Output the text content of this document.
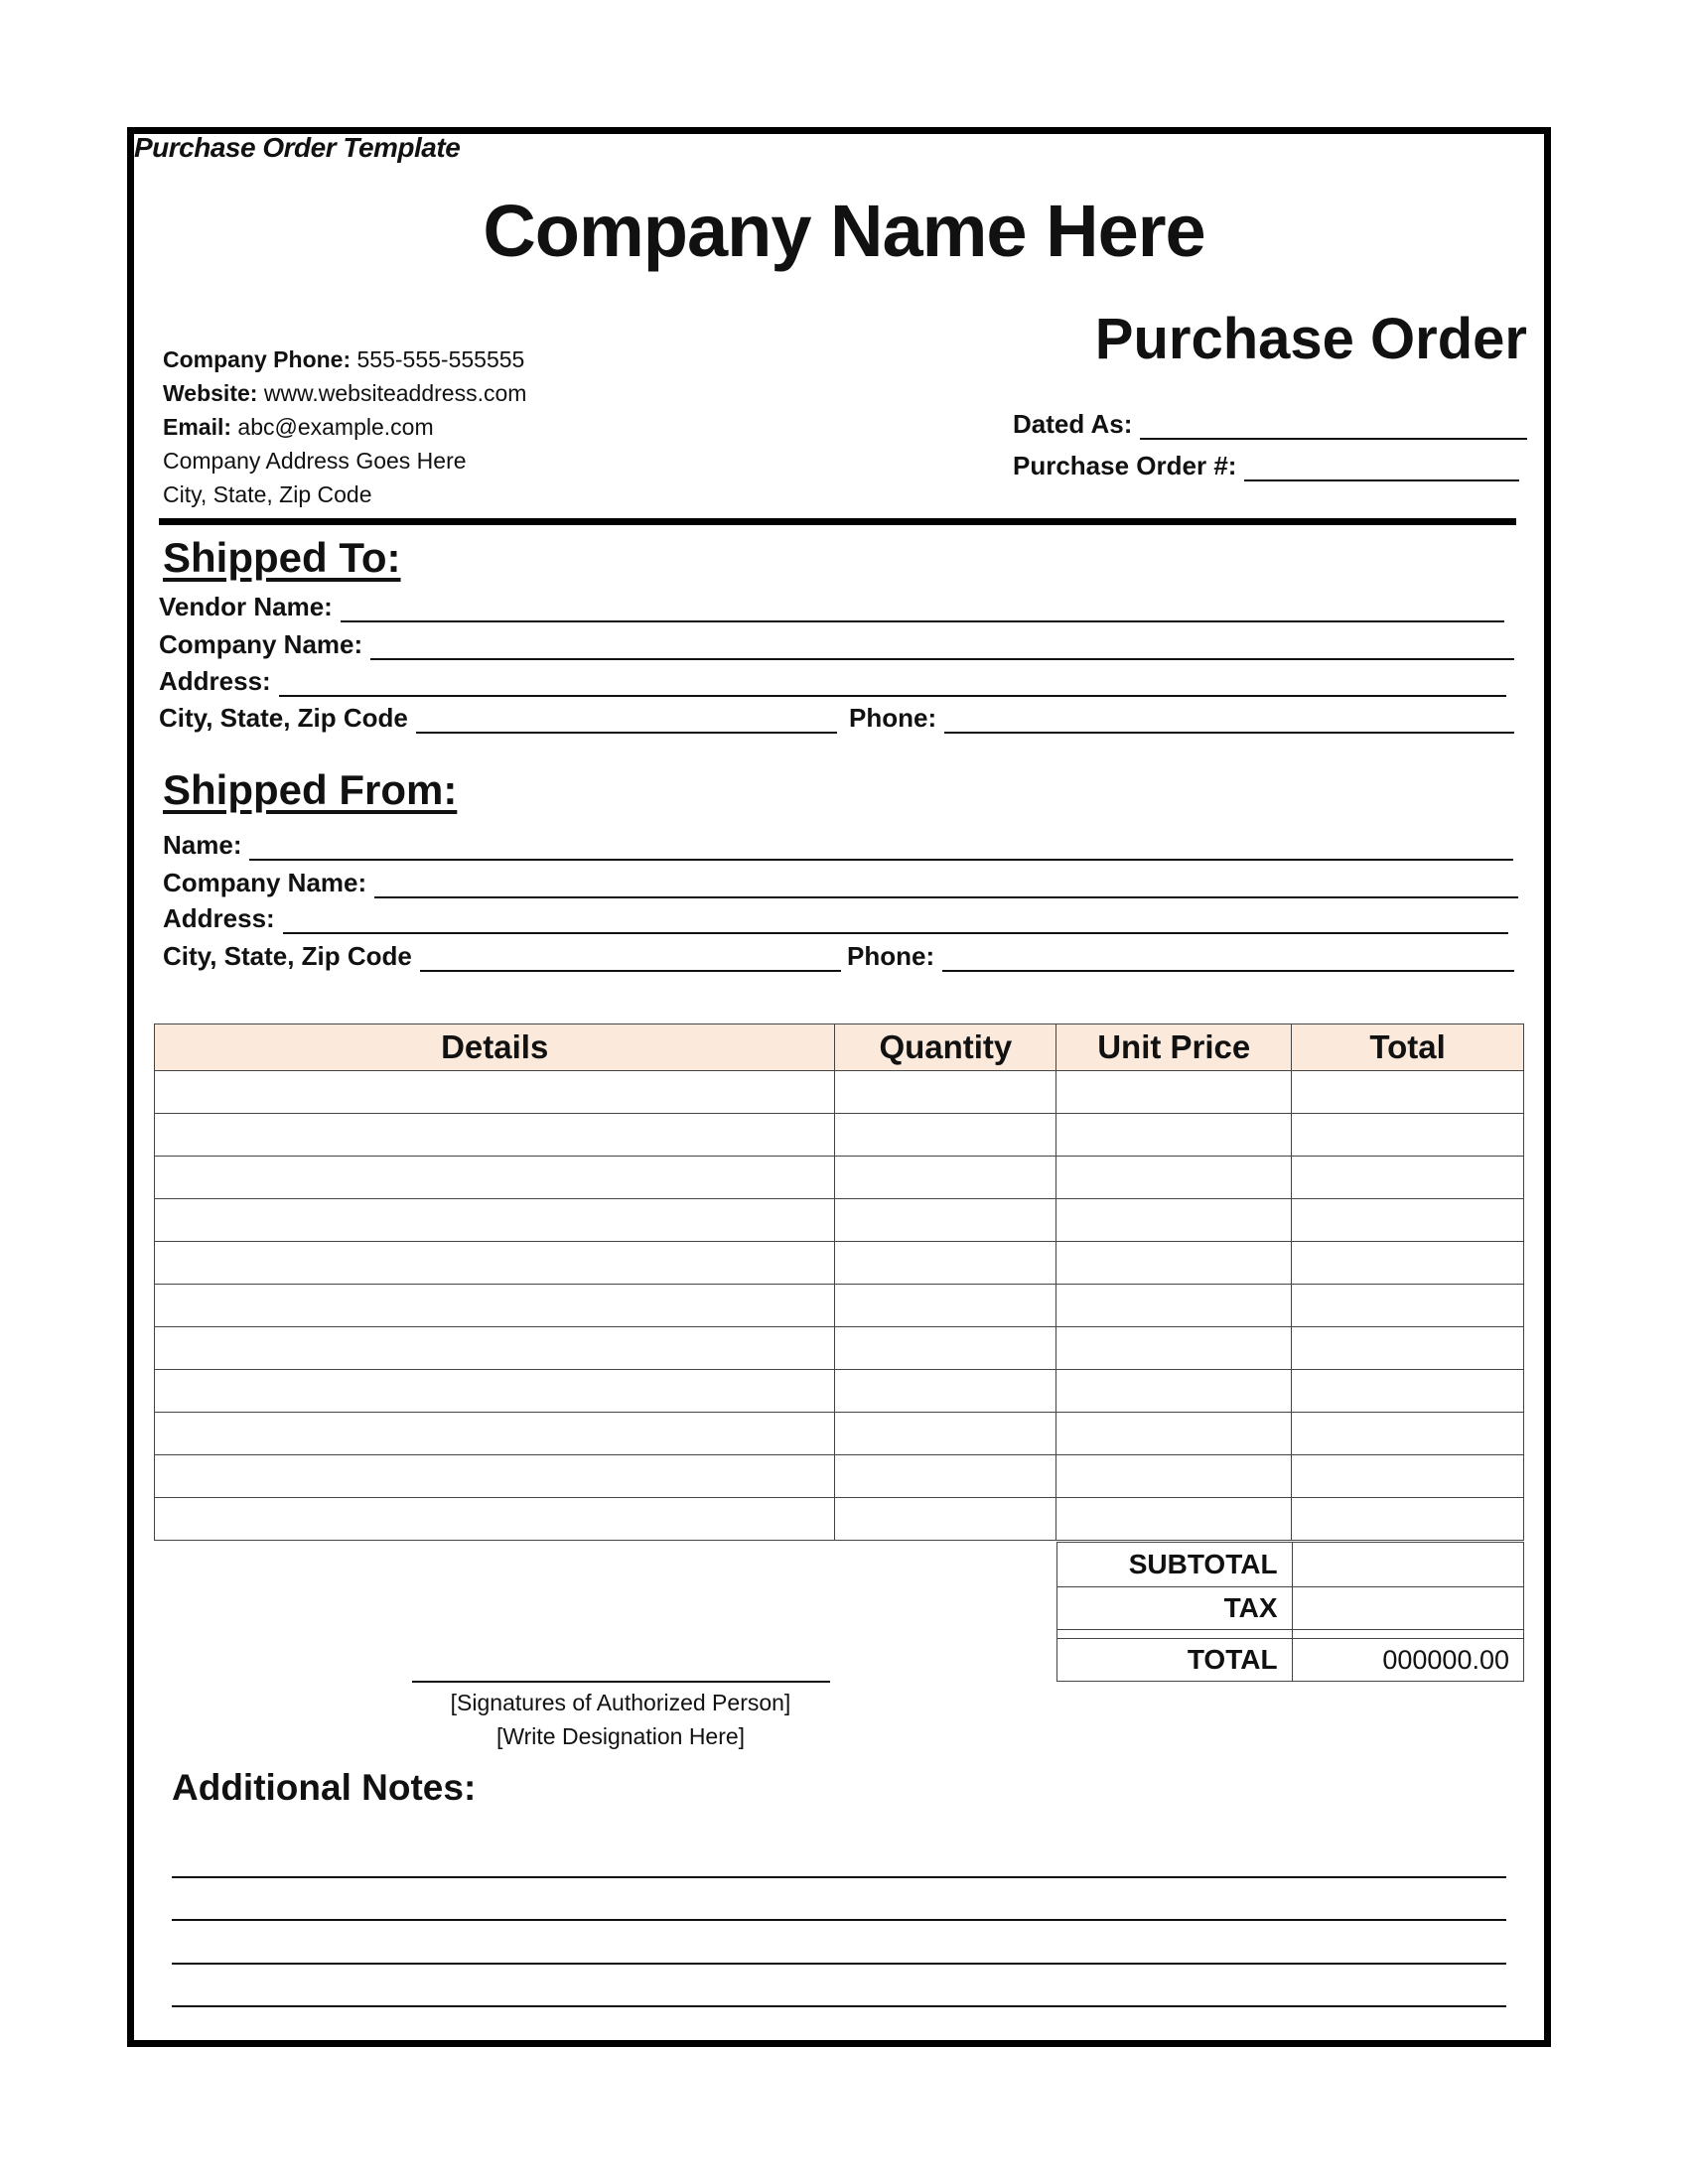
Purchase Order Template
Company Name Here
Purchase Order
Company Phone: 555-555-555555
Website: www.websiteaddress.com
Email: abc@example.com
Company Address Goes Here
City, State, Zip Code
Dated As:
Purchase Order #:
Shipped To:
Vendor Name:
Company Name:
Address:
City, State, Zip Code	Phone:
Shipped From:
Name:
Company Name:
Address:
City, State, Zip Code	Phone:
Details	Quantity	Unit Price	Total

SUBTOTAL	
TAX	

TOTAL	000000.00
[Signatures of Authorized Person]
[Write Designation Here]
Additional Notes:
